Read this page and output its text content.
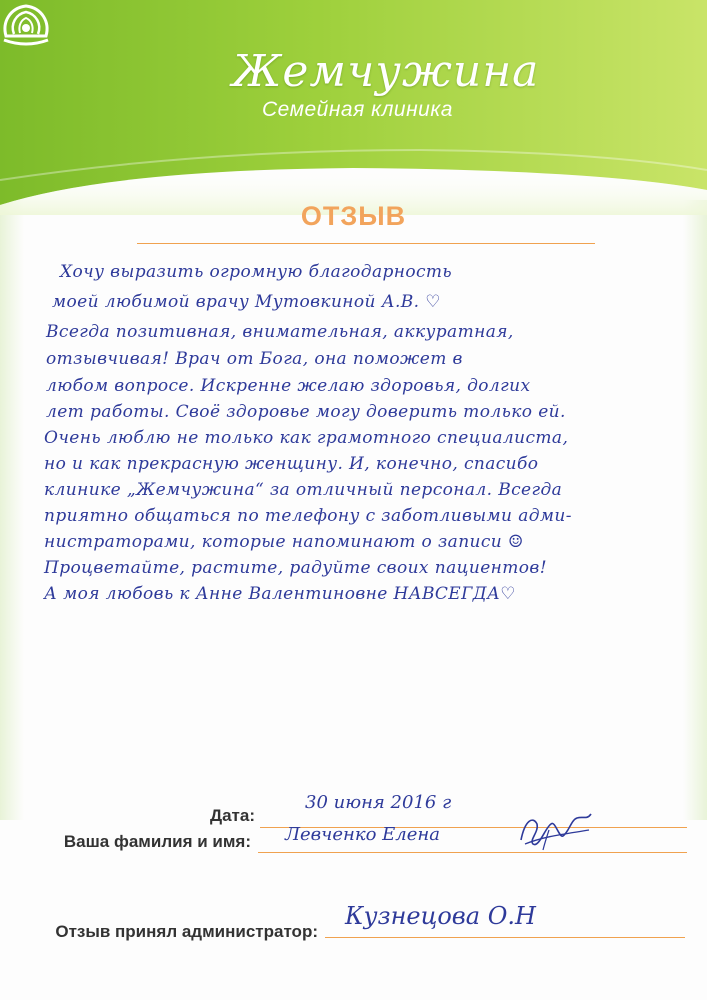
Жемчужина
Семейная клиника
ОТЗЫВ
Хочу выразить огромную благодарность
моей любимой врачу Мутовкиной А.В. ♡
Всегда позитивная, внимательная, аккуратная,
отзывчивая! Врач от Бога, она поможет в
любом вопросе. Искренне желаю здоровья, долгих
лет работы. Своё здоровье могу доверить только ей.
Очень люблю не только как грамотного специалиста,
но и как прекрасную женщину. И, конечно, спасибо
клинике „Жемчужина“ за отличный персонал. Всегда
приятно общаться по телефону с заботливыми адми-
нистраторами, которые напоминают о записи ☺
Процветайте, растите, радуйте своих пациентов!
А моя любовь к Анне Валентиновне НАВСЕГДА♡
Дата:
30 июня 2016 г
Ваша фамилия и имя: Левченко Елена
Отзыв принял администратор:
Кузнецова О.Н
